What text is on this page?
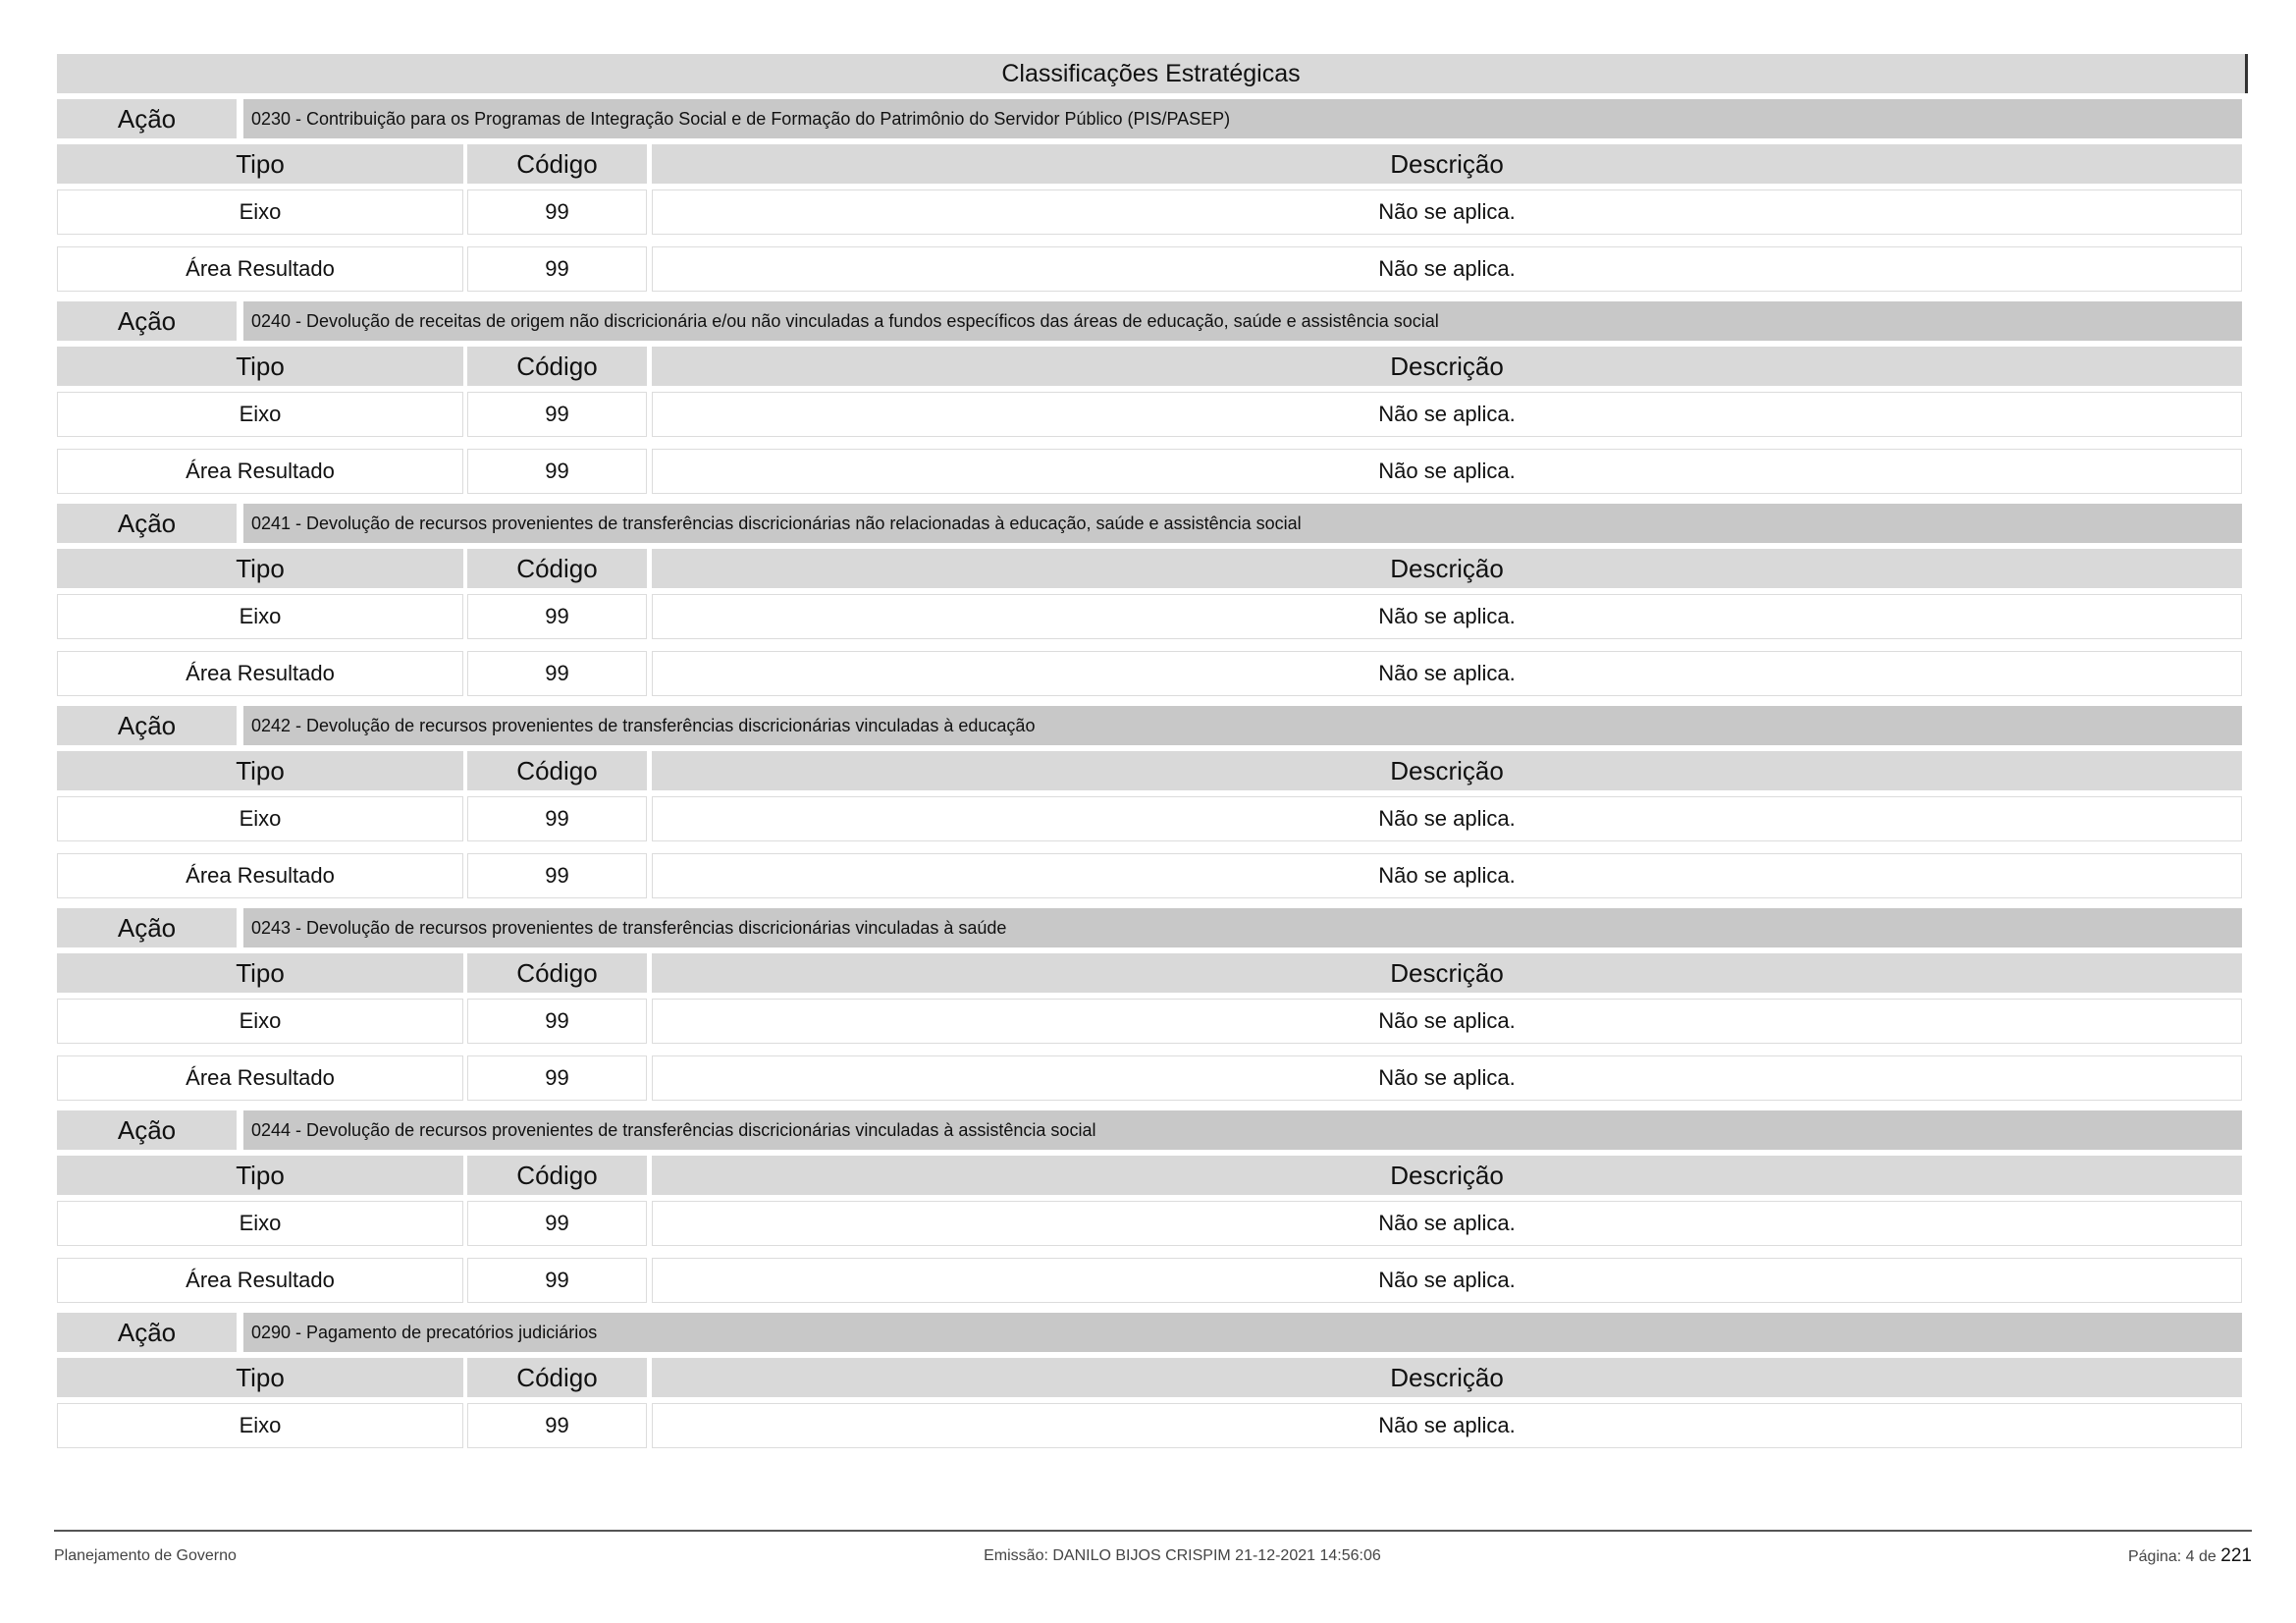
Classificações Estratégicas
Ação	0230 - Contribuição para os Programas de Integração Social e de Formação do Patrimônio do Servidor Público (PIS/PASEP)
Tipo	Código	Descrição
Eixo	99	Não se aplica.
Área Resultado	99	Não se aplica.
Ação	0240 - Devolução de receitas de origem não discricionária e/ou não vinculadas a fundos específicos das áreas de educação, saúde e assistência social
Tipo	Código	Descrição
Eixo	99	Não se aplica.
Área Resultado	99	Não se aplica.
Ação	0241 - Devolução de recursos provenientes de transferências discricionárias não relacionadas à educação, saúde e assistência social
Tipo	Código	Descrição
Eixo	99	Não se aplica.
Área Resultado	99	Não se aplica.
Ação	0242 - Devolução de recursos provenientes de transferências discricionárias vinculadas à educação
Tipo	Código	Descrição
Eixo	99	Não se aplica.
Área Resultado	99	Não se aplica.
Ação	0243 - Devolução de recursos provenientes de transferências discricionárias vinculadas à saúde
Tipo	Código	Descrição
Eixo	99	Não se aplica.
Área Resultado	99	Não se aplica.
Ação	0244 - Devolução de recursos provenientes de transferências discricionárias vinculadas à assistência social
Tipo	Código	Descrição
Eixo	99	Não se aplica.
Área Resultado	99	Não se aplica.
Ação	0290 - Pagamento de precatórios judiciários
Tipo	Código	Descrição
Eixo	99	Não se aplica.
Planejamento de Governo	Emissão: DANILO BIJOS CRISPIM 21-12-2021 14:56:06	Página: 4 de 221
